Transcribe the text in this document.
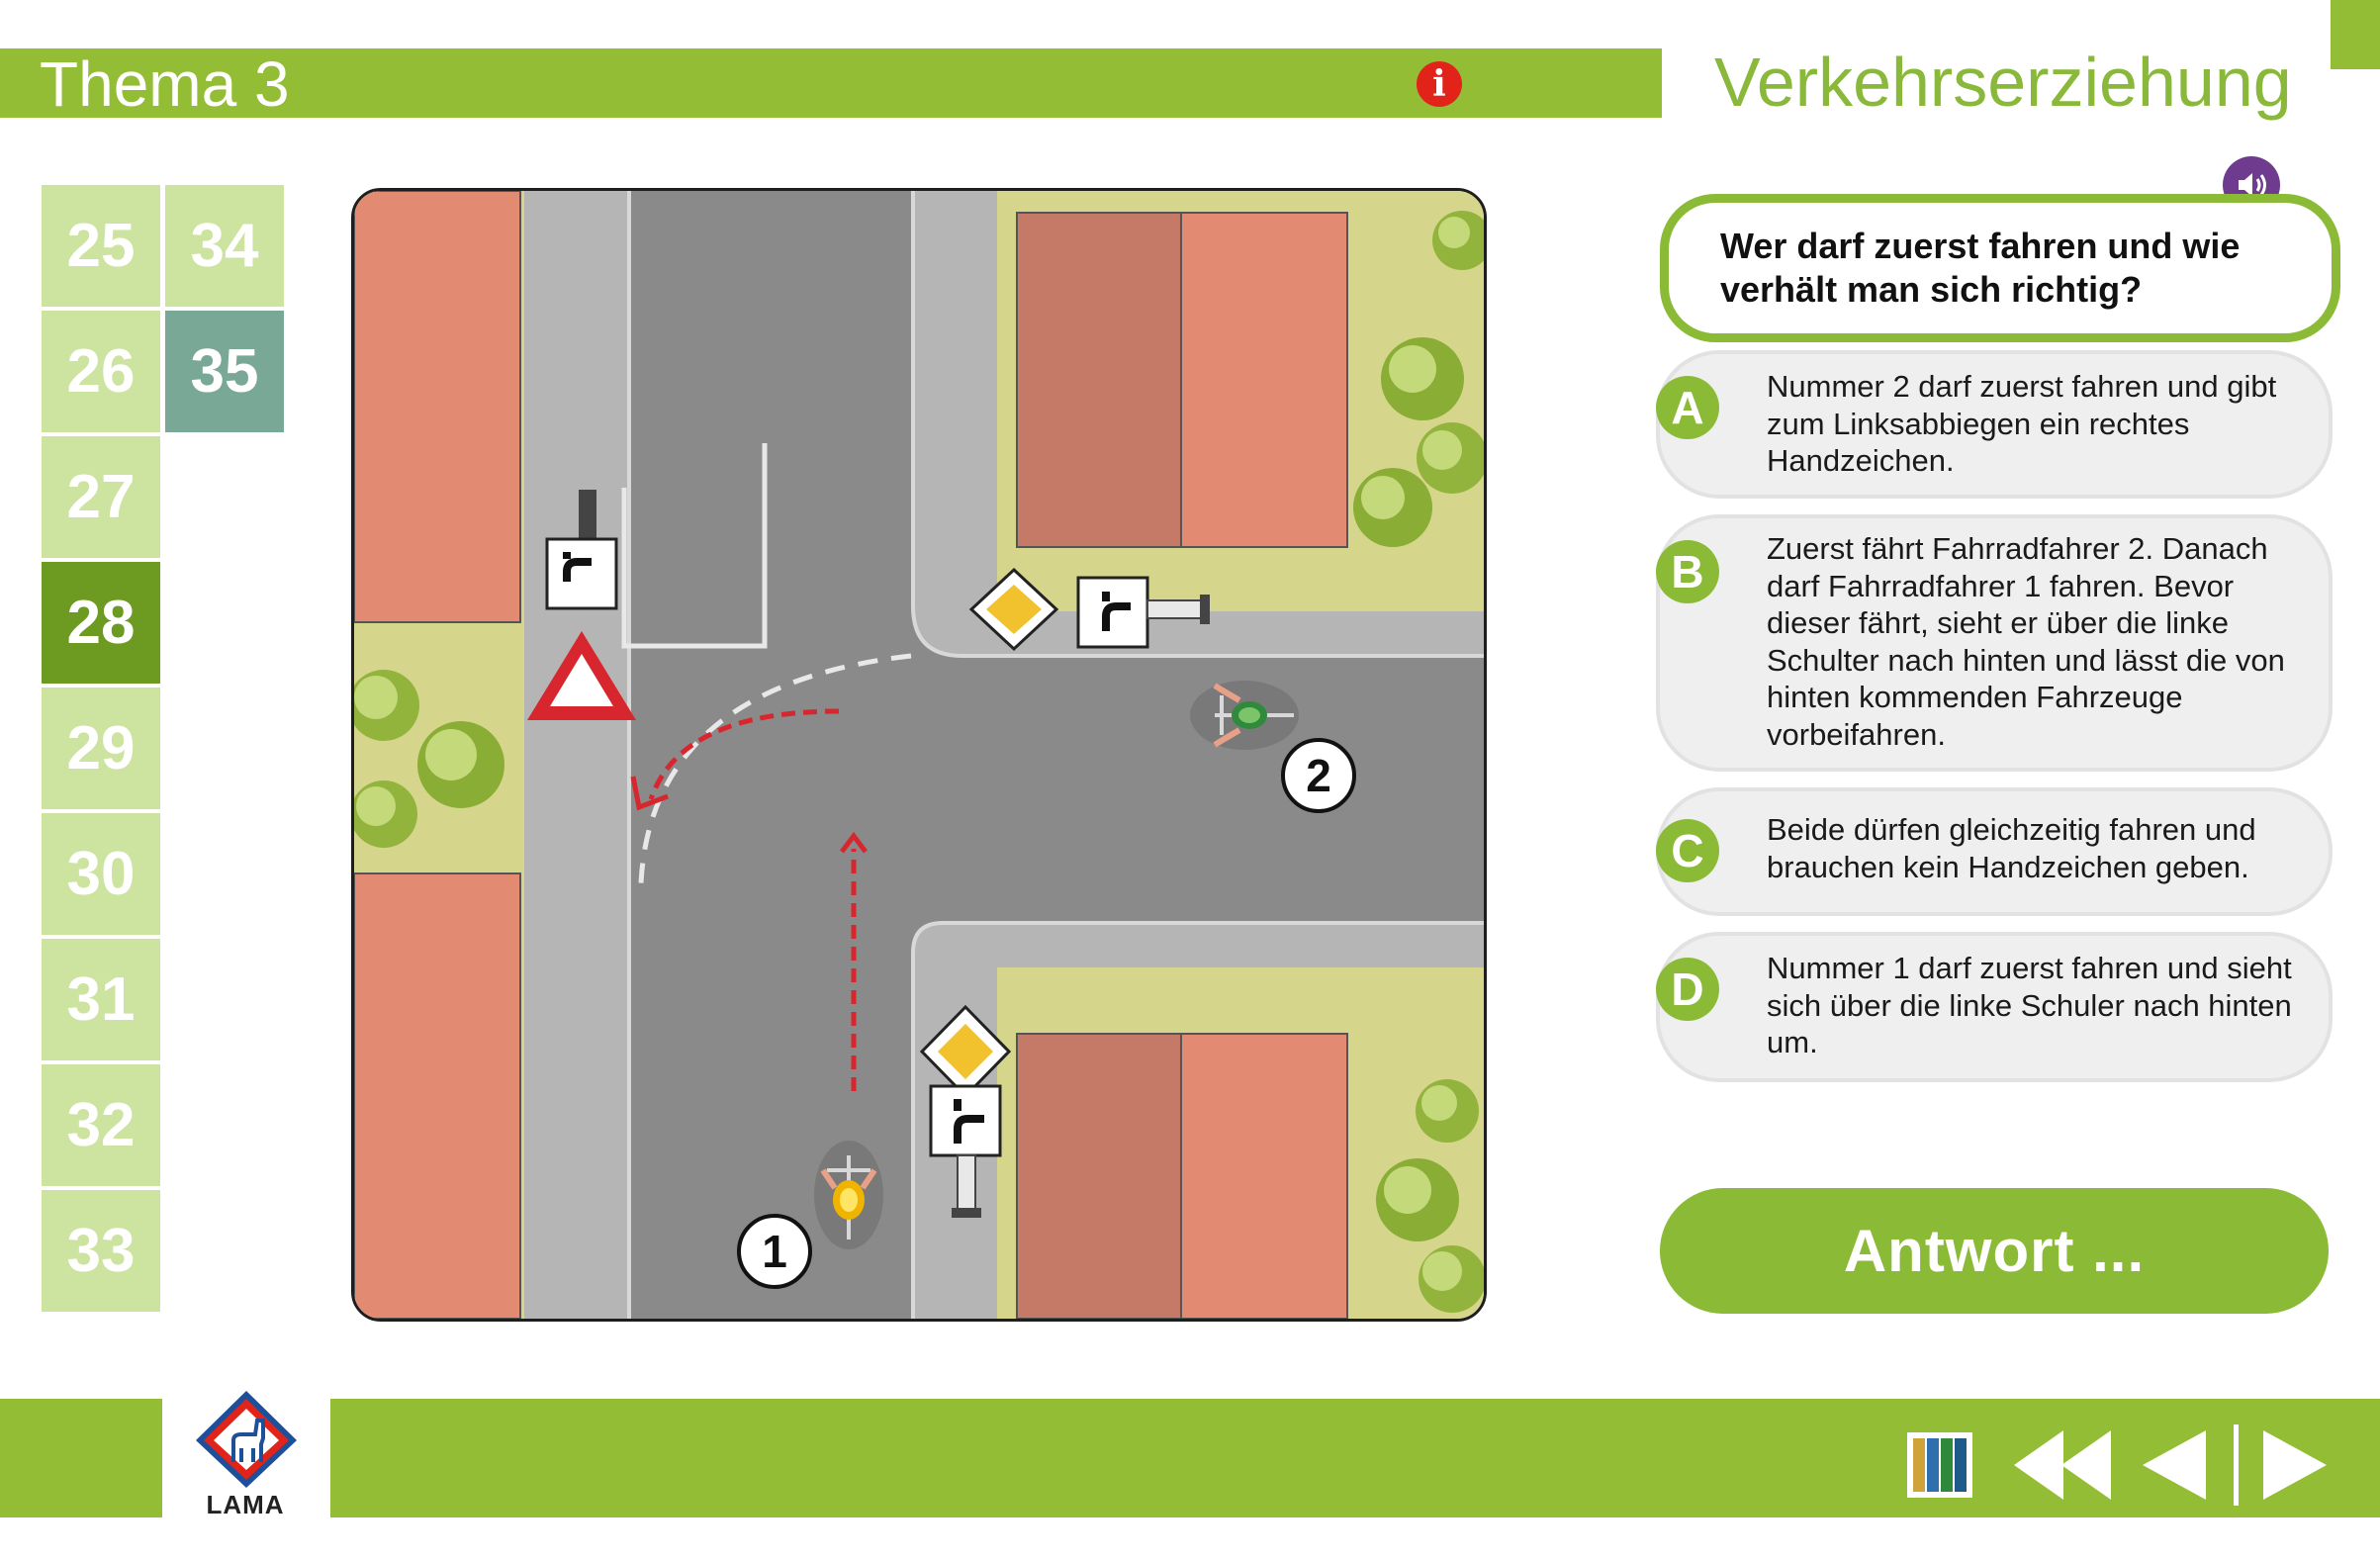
Thema 3	i	Verkehrserziehung
25
26
27
28
29
30
31
32
33
34
35
2
1
Wer darf zuerst fahren und wie verhält man sich richtig?
A	Nummer 2 darf zuerst fahren und gibt zum Linksabbiegen ein rechtes Handzeichen.
B	Zuerst fährt Fahrradfahrer 2. Danach darf Fahrradfahrer 1 fahren. Bevor dieser fährt, sieht er über die linke Schulter nach hinten und lässt die von hinten kommenden Fahrzeuge vorbeifahren.
C	Beide dürfen gleichzeitig fahren und brauchen kein Handzeichen geben.
D	Nummer 1 darf zuerst fahren und sieht sich über die linke Schuler nach hinten um.
Antwort ...
LAMA
